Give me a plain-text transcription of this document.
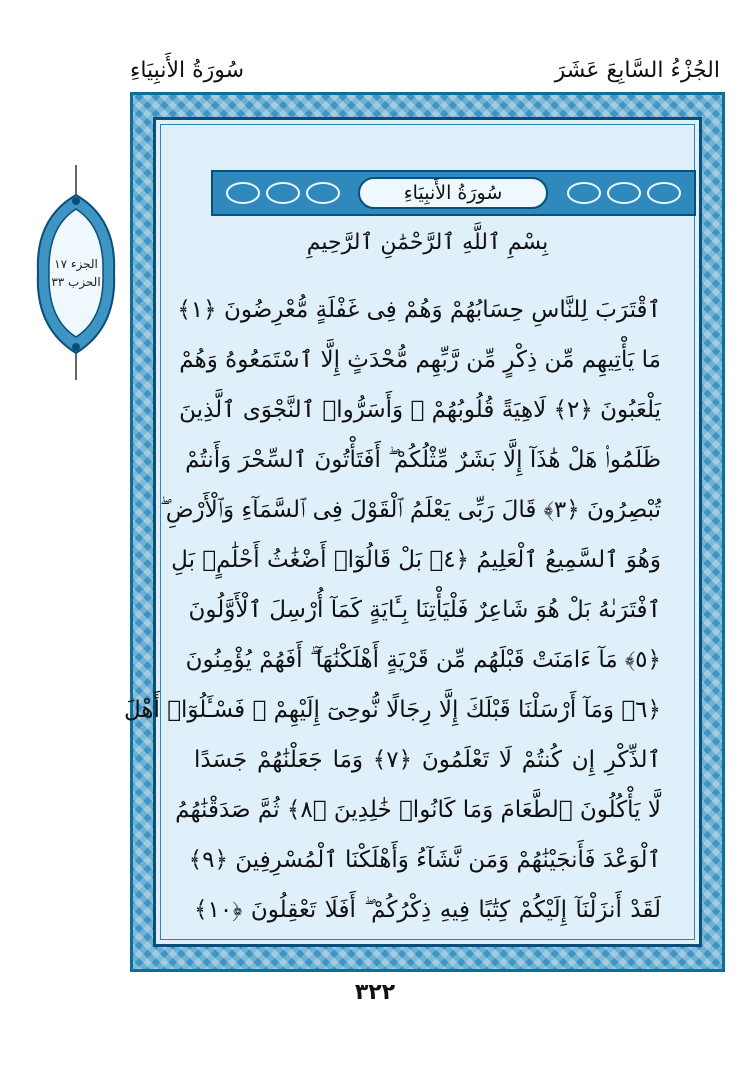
سُورَةُ الأَنبِيَاءِ	الجُزْءُ السَّابِعَ عَشَرَ
الجزء ١٧
الحزب ٣٣
سُورَةُ الأَنبِيَاءِ
بِسْمِ ٱللَّهِ ٱلرَّحْمَٰنِ ٱلرَّحِيمِ
ٱقْتَرَبَ لِلنَّاسِ حِسَابُهُمْ وَهُمْ فِى غَفْلَةٍ مُّعْرِضُونَ ﴿١﴾
مَا يَأْتِيهِم مِّن ذِكْرٍ مِّن رَّبِّهِم مُّحْدَثٍ إِلَّا ٱسْتَمَعُوهُ وَهُمْ
يَلْعَبُونَ ﴿٢﴾ لَاهِيَةً قُلُوبُهُمْ ۗ وَأَسَرُّوا۟ ٱلنَّجْوَى ٱلَّذِينَ
ظَلَمُوا۟ هَلْ هَٰذَآ إِلَّا بَشَرٌ مِّثْلُكُمْ ۖ أَفَتَأْتُونَ ٱلسِّحْرَ وَأَنتُمْ
تُبْصِرُونَ ﴿٣﴾ قَالَ رَبِّى يَعْلَمُ ٱلْقَوْلَ فِى ٱلسَّمَآءِ وَٱلْأَرْضِ ۖ
وَهُوَ ٱلسَّمِيعُ ٱلْعَلِيمُ ﴿٤﴾ بَلْ قَالُوٓا۟ أَضْغَٰثُ أَحْلَٰمٍۭ بَلِ
ٱفْتَرَىٰهُ بَلْ هُوَ شَاعِرٌ فَلْيَأْتِنَا بِـَٔايَةٍ كَمَآ أُرْسِلَ ٱلْأَوَّلُونَ
﴿٥﴾ مَآ ءَامَنَتْ قَبْلَهُم مِّن قَرْيَةٍ أَهْلَكْنَٰهَآ ۖ أَفَهُمْ يُؤْمِنُونَ
﴿٦﴾ وَمَآ أَرْسَلْنَا قَبْلَكَ إِلَّا رِجَالًا نُّوحِىٓ إِلَيْهِمْ ۖ فَسْـَٔلُوٓا۟ أَهْلَ
ٱلذِّكْرِ إِن كُنتُمْ لَا تَعْلَمُونَ ﴿٧﴾ وَمَا جَعَلْنَٰهُمْ جَسَدًا
لَّا يَأْكُلُونَ ٱلطَّعَامَ وَمَا كَانُوا۟ خَٰلِدِينَ ﴿٨﴾ ثُمَّ صَدَقْنَٰهُمُ
ٱلْوَعْدَ فَأَنجَيْنَٰهُمْ وَمَن نَّشَآءُ وَأَهْلَكْنَا ٱلْمُسْرِفِينَ ﴿٩﴾
لَقَدْ أَنزَلْنَآ إِلَيْكُمْ كِتَٰبًا فِيهِ ذِكْرُكُمْ ۖ أَفَلَا تَعْقِلُونَ ﴿١٠﴾
٣٢٢
